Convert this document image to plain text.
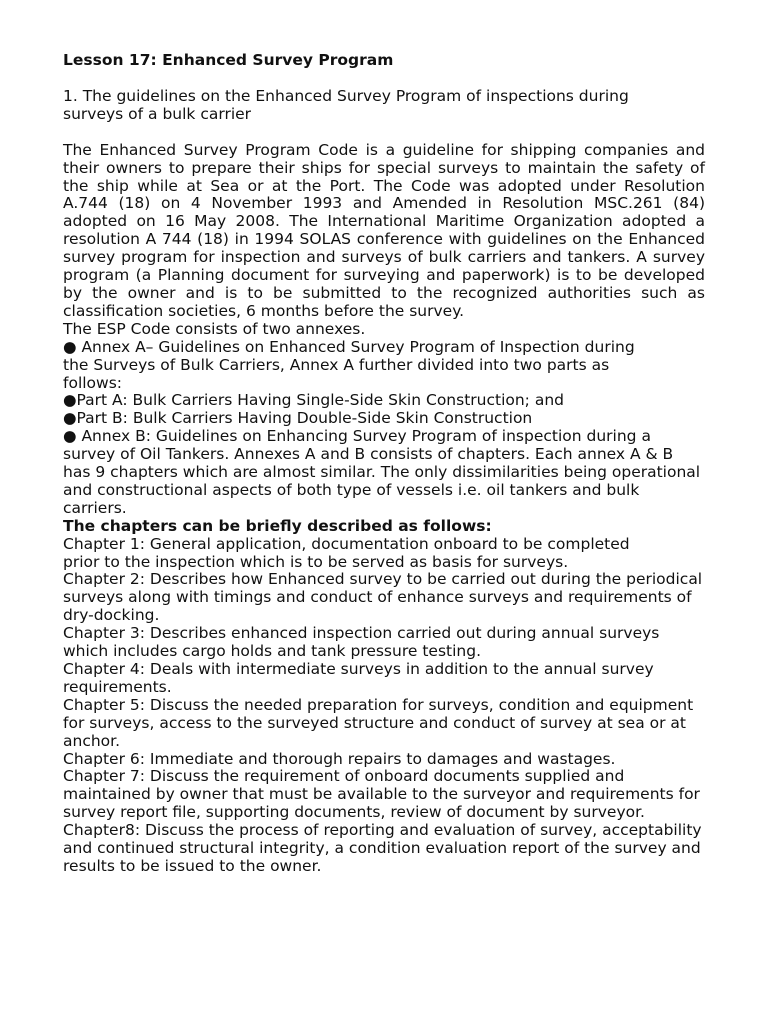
Lesson 17: Enhanced Survey Program

1. The guidelines on the Enhanced Survey Program of inspections during surveys of a bulk carrier

The Enhanced Survey Program Code is a guideline for shipping companies and their owners to prepare their ships for special surveys to maintain the safety of the ship while at Sea or at the Port. The Code was adopted under Resolution A.744 (18) on 4 November 1993 and Amended in Resolution MSC.261 (84) adopted on 16 May 2008. The International Maritime Organization adopted a resolution A 744 (18) in 1994 SOLAS conference with guidelines on the Enhanced survey program for inspection and surveys of bulk carriers and tankers. A survey program (a Planning document for surveying and paperwork) is to be developed by the owner and is to be submitted to the recognized authorities such as classification societies, 6 months before the survey.

The ESP Code consists of two annexes.

● Annex A– Guidelines on Enhanced Survey Program of Inspection during the Surveys of Bulk Carriers, Annex A further divided into two parts as follows:

●Part A: Bulk Carriers Having Single-Side Skin Construction; and

●Part B: Bulk Carriers Having Double-Side Skin Construction

● Annex B: Guidelines on Enhancing Survey Program of inspection during a survey of Oil Tankers. Annexes A and B consists of chapters. Each annex A & B has 9 chapters which are almost similar. The only dissimilarities being operational and constructional aspects of both type of vessels i.e. oil tankers and bulk carriers.

The chapters can be briefly described as follows:

Chapter 1: General application, documentation onboard to be completed prior to the inspection which is to be served as basis for surveys.

Chapter 2: Describes how Enhanced survey to be carried out during the periodical surveys along with timings and conduct of enhance surveys and requirements of dry-docking.

Chapter 3: Describes enhanced inspection carried out during annual surveys which includes cargo holds and tank pressure testing.

Chapter 4: Deals with intermediate surveys in addition to the annual survey requirements.

Chapter 5: Discuss the needed preparation for surveys, condition and equipment for surveys, access to the surveyed structure and conduct of survey at sea or at anchor.

Chapter 6: Immediate and thorough repairs to damages and wastages.

Chapter 7: Discuss the requirement of onboard documents supplied and maintained by owner that must be available to the surveyor and requirements for survey report file, supporting documents, review of document by surveyor.

Chapter8: Discuss the process of reporting and evaluation of survey, acceptability and continued structural integrity, a condition evaluation report of the survey and results to be issued to the owner.
